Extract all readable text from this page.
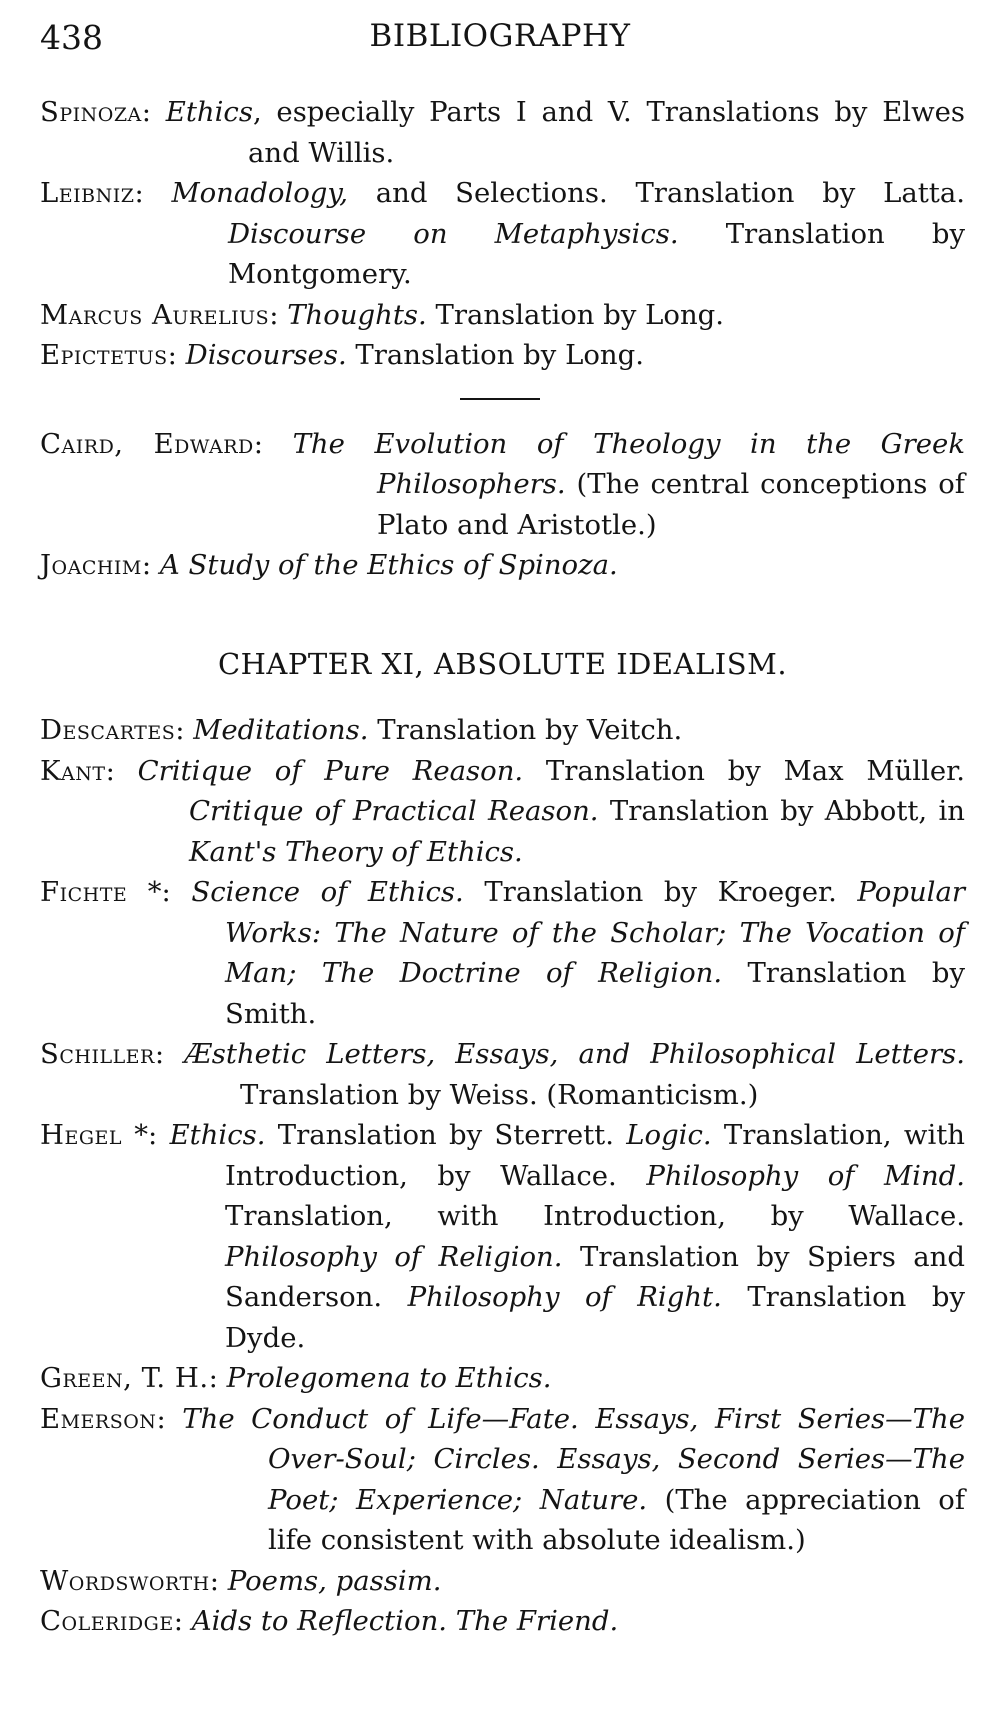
438	BIBLIOGRAPHY
Spinoza: Ethics, especially Parts I and V. Translations by Elwes and Willis.
Leibniz: Monadology, and Selections. Translation by Latta. Discourse on Metaphysics. Translation by Montgomery.
Marcus Aurelius: Thoughts. Translation by Long.
Epictetus: Discourses. Translation by Long.
Caird, Edward: The Evolution of Theology in the Greek Philosophers. (The central conceptions of Plato and Aristotle.)
Joachim: A Study of the Ethics of Spinoza.
CHAPTER XI, ABSOLUTE IDEALISM.
Descartes: Meditations. Translation by Veitch.
Kant: Critique of Pure Reason. Translation by Max Müller. Critique of Practical Reason. Translation by Abbott, in Kant's Theory of Ethics.
Fichte *: Science of Ethics. Translation by Kroeger. Popular Works: The Nature of the Scholar; The Vocation of Man; The Doctrine of Religion. Translation by Smith.
Schiller: Æsthetic Letters, Essays, and Philosophical Letters. Translation by Weiss. (Romanticism.)
Hegel *: Ethics. Translation by Sterrett. Logic. Translation, with Introduction, by Wallace. Philosophy of Mind. Translation, with Introduction, by Wallace. Philosophy of Religion. Translation by Spiers and Sanderson. Philosophy of Right. Translation by Dyde.
Green, T. H.: Prolegomena to Ethics.
Emerson: The Conduct of Life—Fate. Essays, First Series—The Over-Soul; Circles. Essays, Second Series—The Poet; Experience; Nature. (The appreciation of life consistent with absolute idealism.)
Wordsworth: Poems, passim.
Coleridge: Aids to Reflection. The Friend.
